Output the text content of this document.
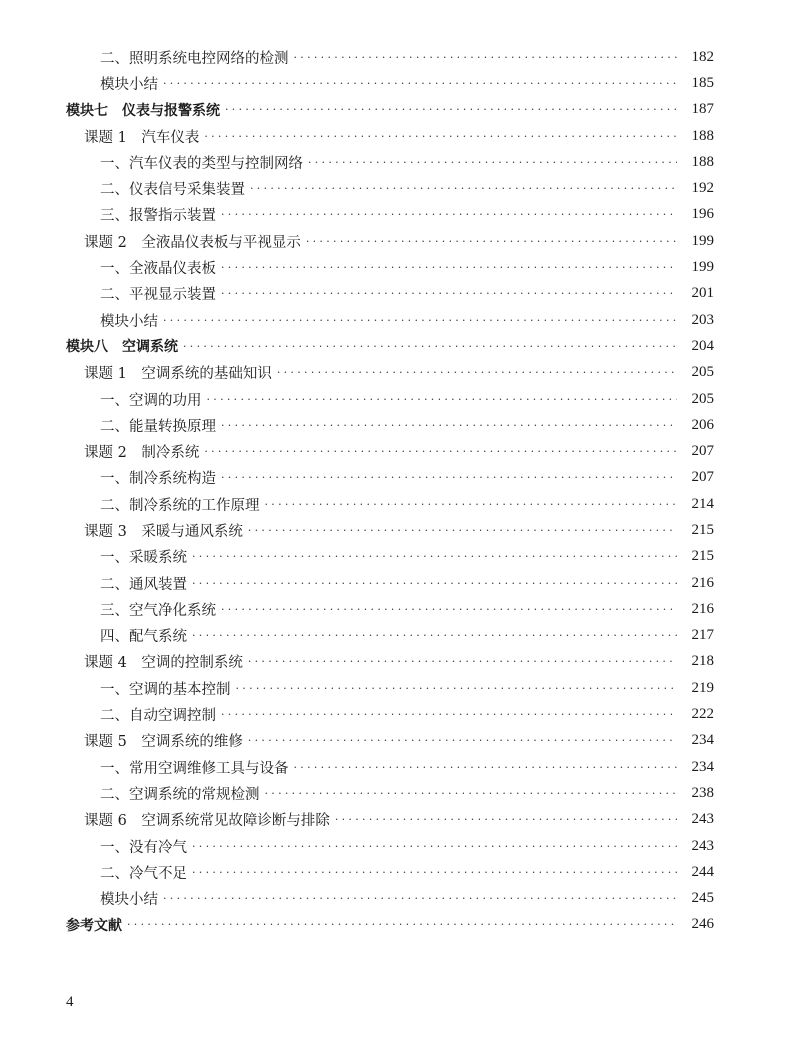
二、照明系统电控网络的检测 ·····	182
模块小结 ·····	185
模块七　仪表与报警系统 ·····	187
课题 1　汽车仪表 ·····	188
一、汽车仪表的类型与控制网络 ·····	188
二、仪表信号采集装置 ·····	192
三、报警指示装置 ·····	196
课题 2　全液晶仪表板与平视显示 ·····	199
一、全液晶仪表板 ·····	199
二、平视显示装置 ·····	201
模块小结 ·····	203
模块八　空调系统 ·····	204
课题 1　空调系统的基础知识 ·····	205
一、空调的功用 ·····	205
二、能量转换原理 ·····	206
课题 2　制冷系统 ·····	207
一、制冷系统构造 ·····	207
二、制冷系统的工作原理 ·····	214
课题 3　采暖与通风系统 ·····	215
一、采暖系统 ·····	215
二、通风装置 ·····	216
三、空气净化系统 ·····	216
四、配气系统 ·····	217
课题 4　空调的控制系统 ·····	218
一、空调的基本控制 ·····	219
二、自动空调控制 ·····	222
课题 5　空调系统的维修 ·····	234
一、常用空调维修工具与设备 ·····	234
二、空调系统的常规检测 ·····	238
课题 6　空调系统常见故障诊断与排除 ·····	243
一、没有冷气 ·····	243
二、冷气不足 ·····	244
模块小结 ·····	245
参考文献 ·····	246
4
